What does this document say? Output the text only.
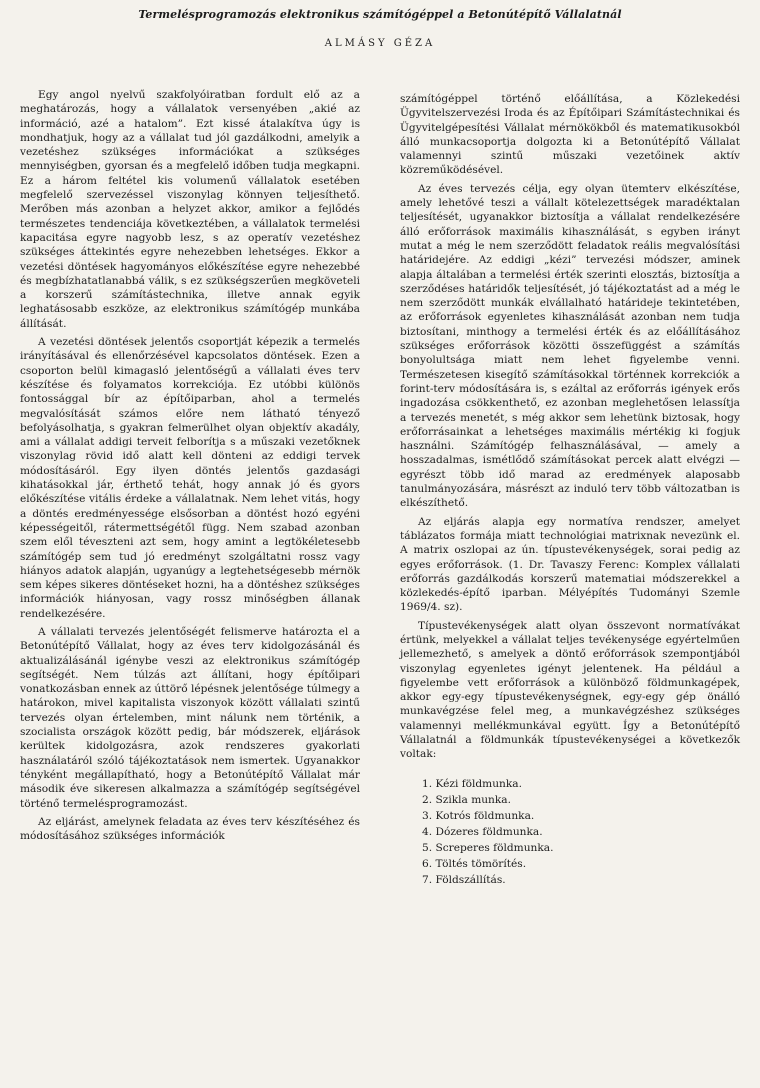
Termelésprogramozás elektronikus számítógéppel a Betonútépítő Vállalatnál
ALMÁSY GÉZA

Egy angol nyelvű szakfolyóiratban fordult elő az a meghatározás, hogy a vállalatok versenyében „akié az információ, azé a hatalom”. Ezt kissé átalakítva úgy is mondhatjuk, hogy az a vállalat tud jól gazdálkodni, amelyik a vezetéshez szükséges információkat a szükséges mennyiségben, gyorsan és a megfelelő időben tudja megkapni. Ez a három feltétel kis volumenű vállalatok esetében megfelelő szervezéssel viszonylag könnyen teljesíthető. Merőben más azonban a helyzet akkor, amikor a fejlődés természetes tendenciája következtében, a vállalatok termelési kapacitása egyre nagyobb lesz, s az operatív vezetéshez szükséges áttekintés egyre nehezebben lehetséges. Ekkor a vezetési döntések hagyományos előkészítése egyre nehezebbé és megbízhatatlanabbá válik, s ez szükségszerűen megköveteli a korszerű számítástechnika, illetve annak egyik leghatásosabb eszköze, az elektronikus számítógép munkába állítását.

A vezetési döntések jelentős csoportját képezik a termelés irányításával és ellenőrzésével kapcsolatos döntések. Ezen a csoporton belül kimagasló jelentőségű a vállalati éves terv készítése és folyamatos korrekciója. Ez utóbbi különös fontossággal bír az építőiparban, ahol a termelés megvalósítását számos előre nem látható tényező befolyásolhatja, s gyakran felmerülhet olyan objektív akadály, ami a vállalat addigi terveit felborítja s a műszaki vezetőknek viszonylag rövid idő alatt kell dönteni az eddigi tervek módosításáról. Egy ilyen döntés jelentős gazdasági kihatásokkal jár, érthető tehát, hogy annak jó és gyors előkészítése vitális érdeke a vállalatnak. Nem lehet vitás, hogy a döntés eredményessége elsősorban a döntést hozó egyéni képességeitől, rátermettségétől függ. Nem szabad azonban szem elől téveszteni azt sem, hogy amint a legtökéletesebb számítógép sem tud jó eredményt szolgáltatni rossz vagy hiányos adatok alapján, ugyanúgy a legtehetségesebb mérnök sem képes sikeres döntéseket hozni, ha a döntéshez szükséges információk hiányosan, vagy rossz minőségben állanak rendelkezésére.

A vállalati tervezés jelentőségét felismerve határozta el a Betonútépítő Vállalat, hogy az éves terv kidolgozásánál és aktualizálásánál igénybe veszi az elektronikus számítógép segítségét. Nem túlzás azt állítani, hogy építőipari vonatkozásban ennek az úttörő lépésnek jelentősége túlmegy a határokon, mivel kapitalista viszonyok között vállalati szintű tervezés olyan értelemben, mint nálunk nem történik, a szocialista országok között pedig, bár módszerek, eljárások kerültek kidolgozásra, azok rendszeres gyakorlati használatáról szóló tájékoztatások nem ismertek. Ugyanakkor tényként megállapítható, hogy a Betonútépítő Vállalat már második éve sikeresen alkalmazza a számítógép segítségével történő termelésprogramozást.

Az eljárást, amelynek feladata az éves terv készítéséhez és módosításához szükséges információk

számítógéppel történő előállítása, a Közlekedési Ügyvitelszervezési Iroda és az Építőipari Számítástechnikai és Ügyvitelgépesítési Vállalat mérnökökből és matematikusokból álló munkacsoportja dolgozta ki a Betonútépítő Vállalat valamennyi szintű műszaki vezetőinek aktív közreműködésével.

Az éves tervezés célja, egy olyan ütemterv elkészítése, amely lehetővé teszi a vállalt kötelezettségek maradéktalan teljesítését, ugyanakkor biztosítja a vállalat rendelkezésére álló erőforrások maximális kihasználását, s egyben irányt mutat a még le nem szerződött feladatok reális megvalósítási határidejére. Az eddigi „kézi” tervezési módszer, aminek alapja általában a termelési érték szerinti elosztás, biztosítja a szerződéses határidők teljesítését, jó tájékoztatást ad a még le nem szerződött munkák elvállalható határideje tekintetében, az erőforrások egyenletes kihasználását azonban nem tudja biztosítani, minthogy a termelési érték és az előállításához szükséges erőforrások közötti összefüggést a számítás bonyolultsága miatt nem lehet figyelembe venni. Természetesen kisegítő számításokkal történnek korrekciók a forint-terv módosítására is, s ezáltal az erőforrás igények erős ingadozása csökkenthető, ez azonban meglehetősen lelassítja a tervezés menetét, s még akkor sem lehetünk biztosak, hogy erőforrásainkat a lehetséges maximális mértékig ki fogjuk használni. Számítógép felhasználásával, — amely a hosszadalmas, ismétlődő számításokat percek alatt elvégzi — egyrészt több idő marad az eredmények alaposabb tanulmányozására, másrészt az induló terv több változatban is elkészíthető.

Az eljárás alapja egy normatíva rendszer, amelyet táblázatos formája miatt technológiai matrixnak nevezünk el. A matrix oszlopai az ún. típustevékenységek, sorai pedig az egyes erőforrások. (1. Dr. Tavaszy Ferenc: Komplex vállalati erőforrás gazdálkodás korszerű matematiai módszerekkel a közlekedés-építő iparban. Mélyépítés Tudományi Szemle 1969/4. sz).

Típustevékenységek alatt olyan összevont normatívákat értünk, melyekkel a vállalat teljes tevékenysége egyértelműen jellemezhető, s amelyek a döntő erőforrások szempontjából viszonylag egyenletes igényt jelentenek. Ha például a figyelembe vett erőforrások a különböző földmunkagépek, akkor egy-egy típustevékenységnek, egy-egy gép önálló munkavégzése felel meg, a munkavégzéshez szükséges valamennyi mellékmunkával együtt. Így a Betonútépítő Vállalatnál a földmunkák típustevékenységei a következők voltak:

1. Kézi földmunka.
2. Szikla munka.
3. Kotrós földmunka.
4. Dózeres földmunka.
5. Screperes földmunka.
6. Töltés tömörítés.
7. Földszállítás.
